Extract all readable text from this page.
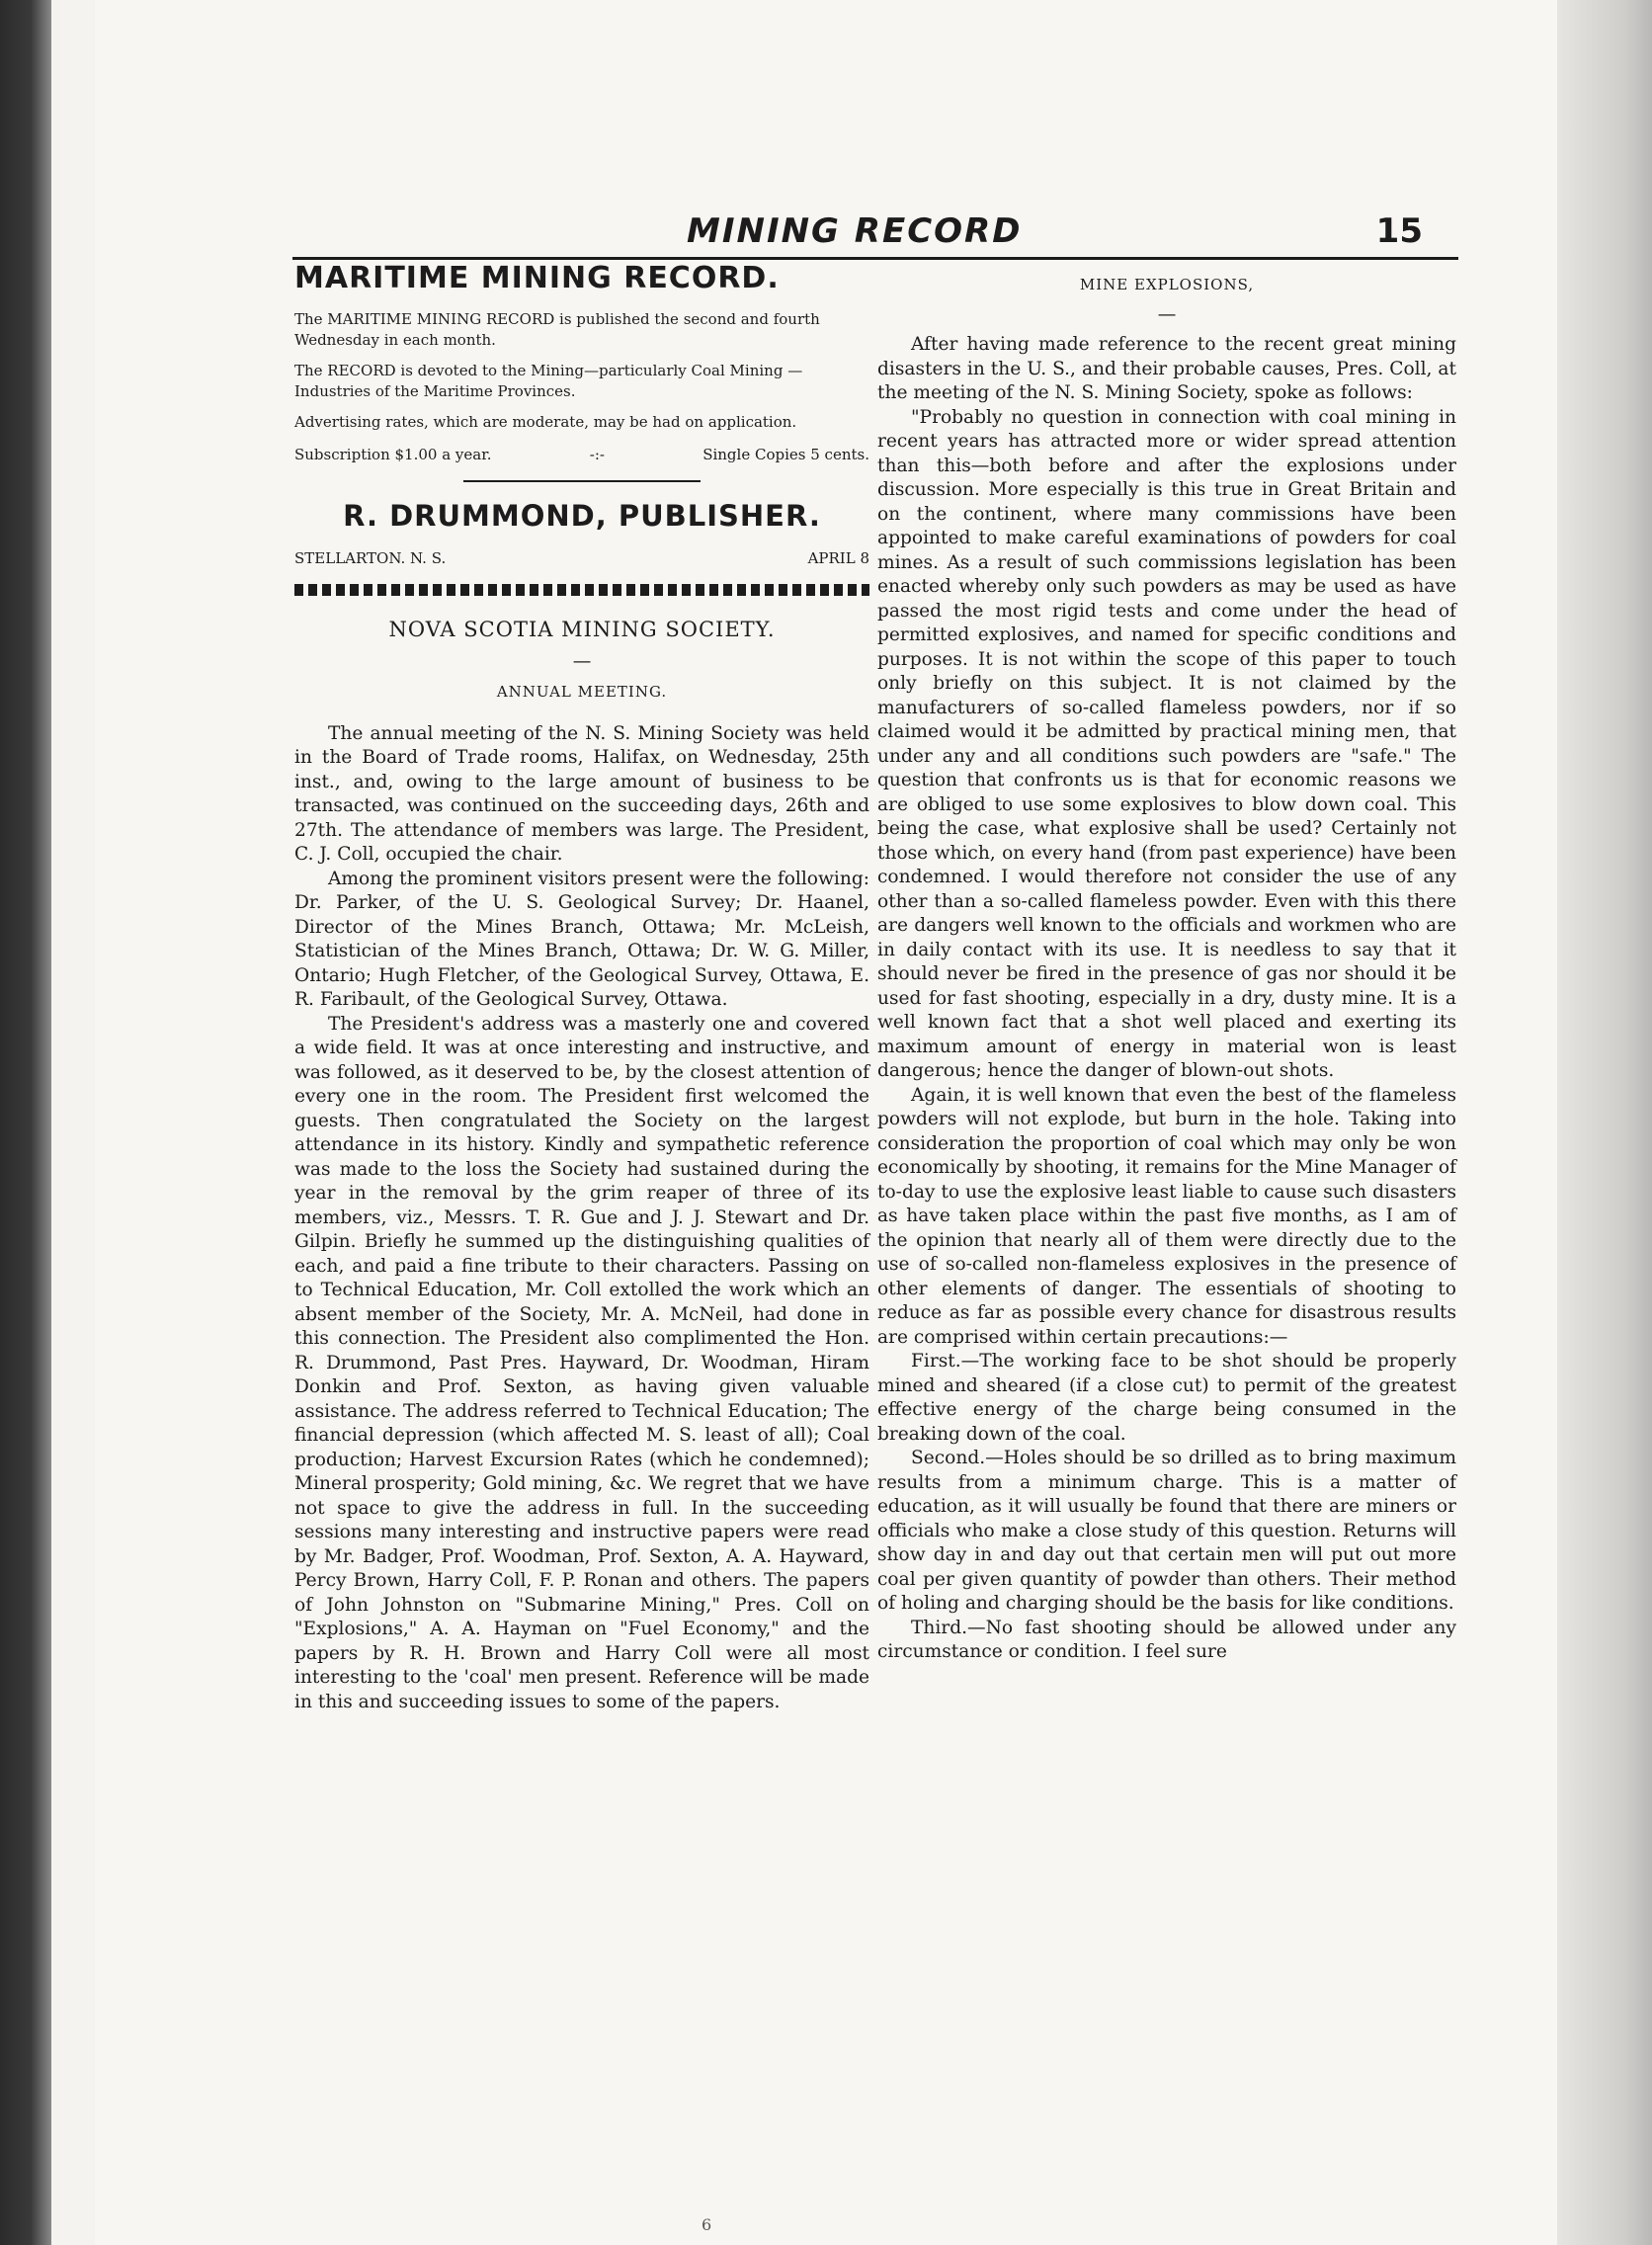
MINING RECORD	15
MARITIME MINING RECORD.

The MARITIME MINING RECORD is published the second and fourth Wednesday in each month.

The RECORD is devoted to the Mining—particularly Coal Mining —Industries of the Maritime Provinces.

Advertising rates, which are moderate, may be had on application.

Subscription $1.00 a year.	-:-	Single Copies 5 cents.
R. DRUMMOND, PUBLISHER.
STELLARTON. N. S.	APRIL 8
NOVA SCOTIA MINING SOCIETY.
—
ANNUAL MEETING.

The annual meeting of the N. S. Mining Society was held in the Board of Trade rooms, Halifax, on Wednesday, 25th inst., and, owing to the large amount of business to be transacted, was continued on the succeeding days, 26th and 27th. The attendance of members was large. The President, C. J. Coll, occupied the chair.

Among the prominent visitors present were the following: Dr. Parker, of the U. S. Geological Survey; Dr. Haanel, Director of the Mines Branch, Ottawa; Mr. McLeish, Statistician of the Mines Branch, Ottawa; Dr. W. G. Miller, Ontario; Hugh Fletcher, of the Geological Survey, Ottawa, E. R. Faribault, of the Geological Survey, Ottawa.

The President's address was a masterly one and covered a wide field. It was at once interesting and instructive, and was followed, as it deserved to be, by the closest attention of every one in the room. The President first welcomed the guests. Then congratulated the Society on the largest attendance in its history. Kindly and sympathetic reference was made to the loss the Society had sustained during the year in the removal by the grim reaper of three of its members, viz., Messrs. T. R. Gue and J. J. Stewart and Dr. Gilpin. Briefly he summed up the distinguishing qualities of each, and paid a fine tribute to their characters. Passing on to Technical Education, Mr. Coll extolled the work which an absent member of the Society, Mr. A. McNeil, had done in this connection. The President also complimented the Hon. R. Drummond, Past Pres. Hayward, Dr. Woodman, Hiram Donkin and Prof. Sexton, as having given valuable assistance. The address referred to Technical Education; The financial depression (which affected M. S. least of all); Coal production; Harvest Excursion Rates (which he condemned); Mineral prosperity; Gold mining, &c. We regret that we have not space to give the address in full. In the succeeding sessions many interesting and instructive papers were read by Mr. Badger, Prof. Woodman, Prof. Sexton, A. A. Hayward, Percy Brown, Harry Coll, F. P. Ronan and others. The papers of John Johnston on "Submarine Mining," Pres. Coll on "Explosions," A. A. Hayman on "Fuel Economy," and the papers by R. H. Brown and Harry Coll were all most interesting to the 'coal' men present. Reference will be made in this and succeeding issues to some of the papers.

MINE EXPLOSIONS,
—

After having made reference to the recent great mining disasters in the U. S., and their probable causes, Pres. Coll, at the meeting of the N. S. Mining Society, spoke as follows:

"Probably no question in connection with coal mining in recent years has attracted more or wider spread attention than this—both before and after the explosions under discussion. More especially is this true in Great Britain and on the continent, where many commissions have been appointed to make careful examinations of powders for coal mines. As a result of such commissions legislation has been enacted whereby only such powders as may be used as have passed the most rigid tests and come under the head of permitted explosives, and named for specific conditions and purposes. It is not within the scope of this paper to touch only briefly on this subject. It is not claimed by the manufacturers of so-called flameless powders, nor if so claimed would it be admitted by practical mining men, that under any and all conditions such powders are "safe." The question that confronts us is that for economic reasons we are obliged to use some explosives to blow down coal. This being the case, what explosive shall be used? Certainly not those which, on every hand (from past experience) have been condemned. I would therefore not consider the use of any other than a so-called flameless powder. Even with this there are dangers well known to the officials and workmen who are in daily contact with its use. It is needless to say that it should never be fired in the presence of gas nor should it be used for fast shooting, especially in a dry, dusty mine. It is a well known fact that a shot well placed and exerting its maximum amount of energy in material won is least dangerous; hence the danger of blown-out shots.

Again, it is well known that even the best of the flameless powders will not explode, but burn in the hole. Taking into consideration the proportion of coal which may only be won economically by shooting, it remains for the Mine Manager of to-day to use the explosive least liable to cause such disasters as have taken place within the past five months, as I am of the opinion that nearly all of them were directly due to the use of so-called non-flameless explosives in the presence of other elements of danger. The essentials of shooting to reduce as far as possible every chance for disastrous results are comprised within certain precautions:—

First.—The working face to be shot should be properly mined and sheared (if a close cut) to permit of the greatest effective energy of the charge being consumed in the breaking down of the coal.

Second.—Holes should be so drilled as to bring maximum results from a minimum charge. This is a matter of education, as it will usually be found that there are miners or officials who make a close study of this question. Returns will show day in and day out that certain men will put out more coal per given quantity of powder than others. Their method of holing and charging should be the basis for like conditions.

Third.—No fast shooting should be allowed under any circumstance or condition. I feel sure

6
